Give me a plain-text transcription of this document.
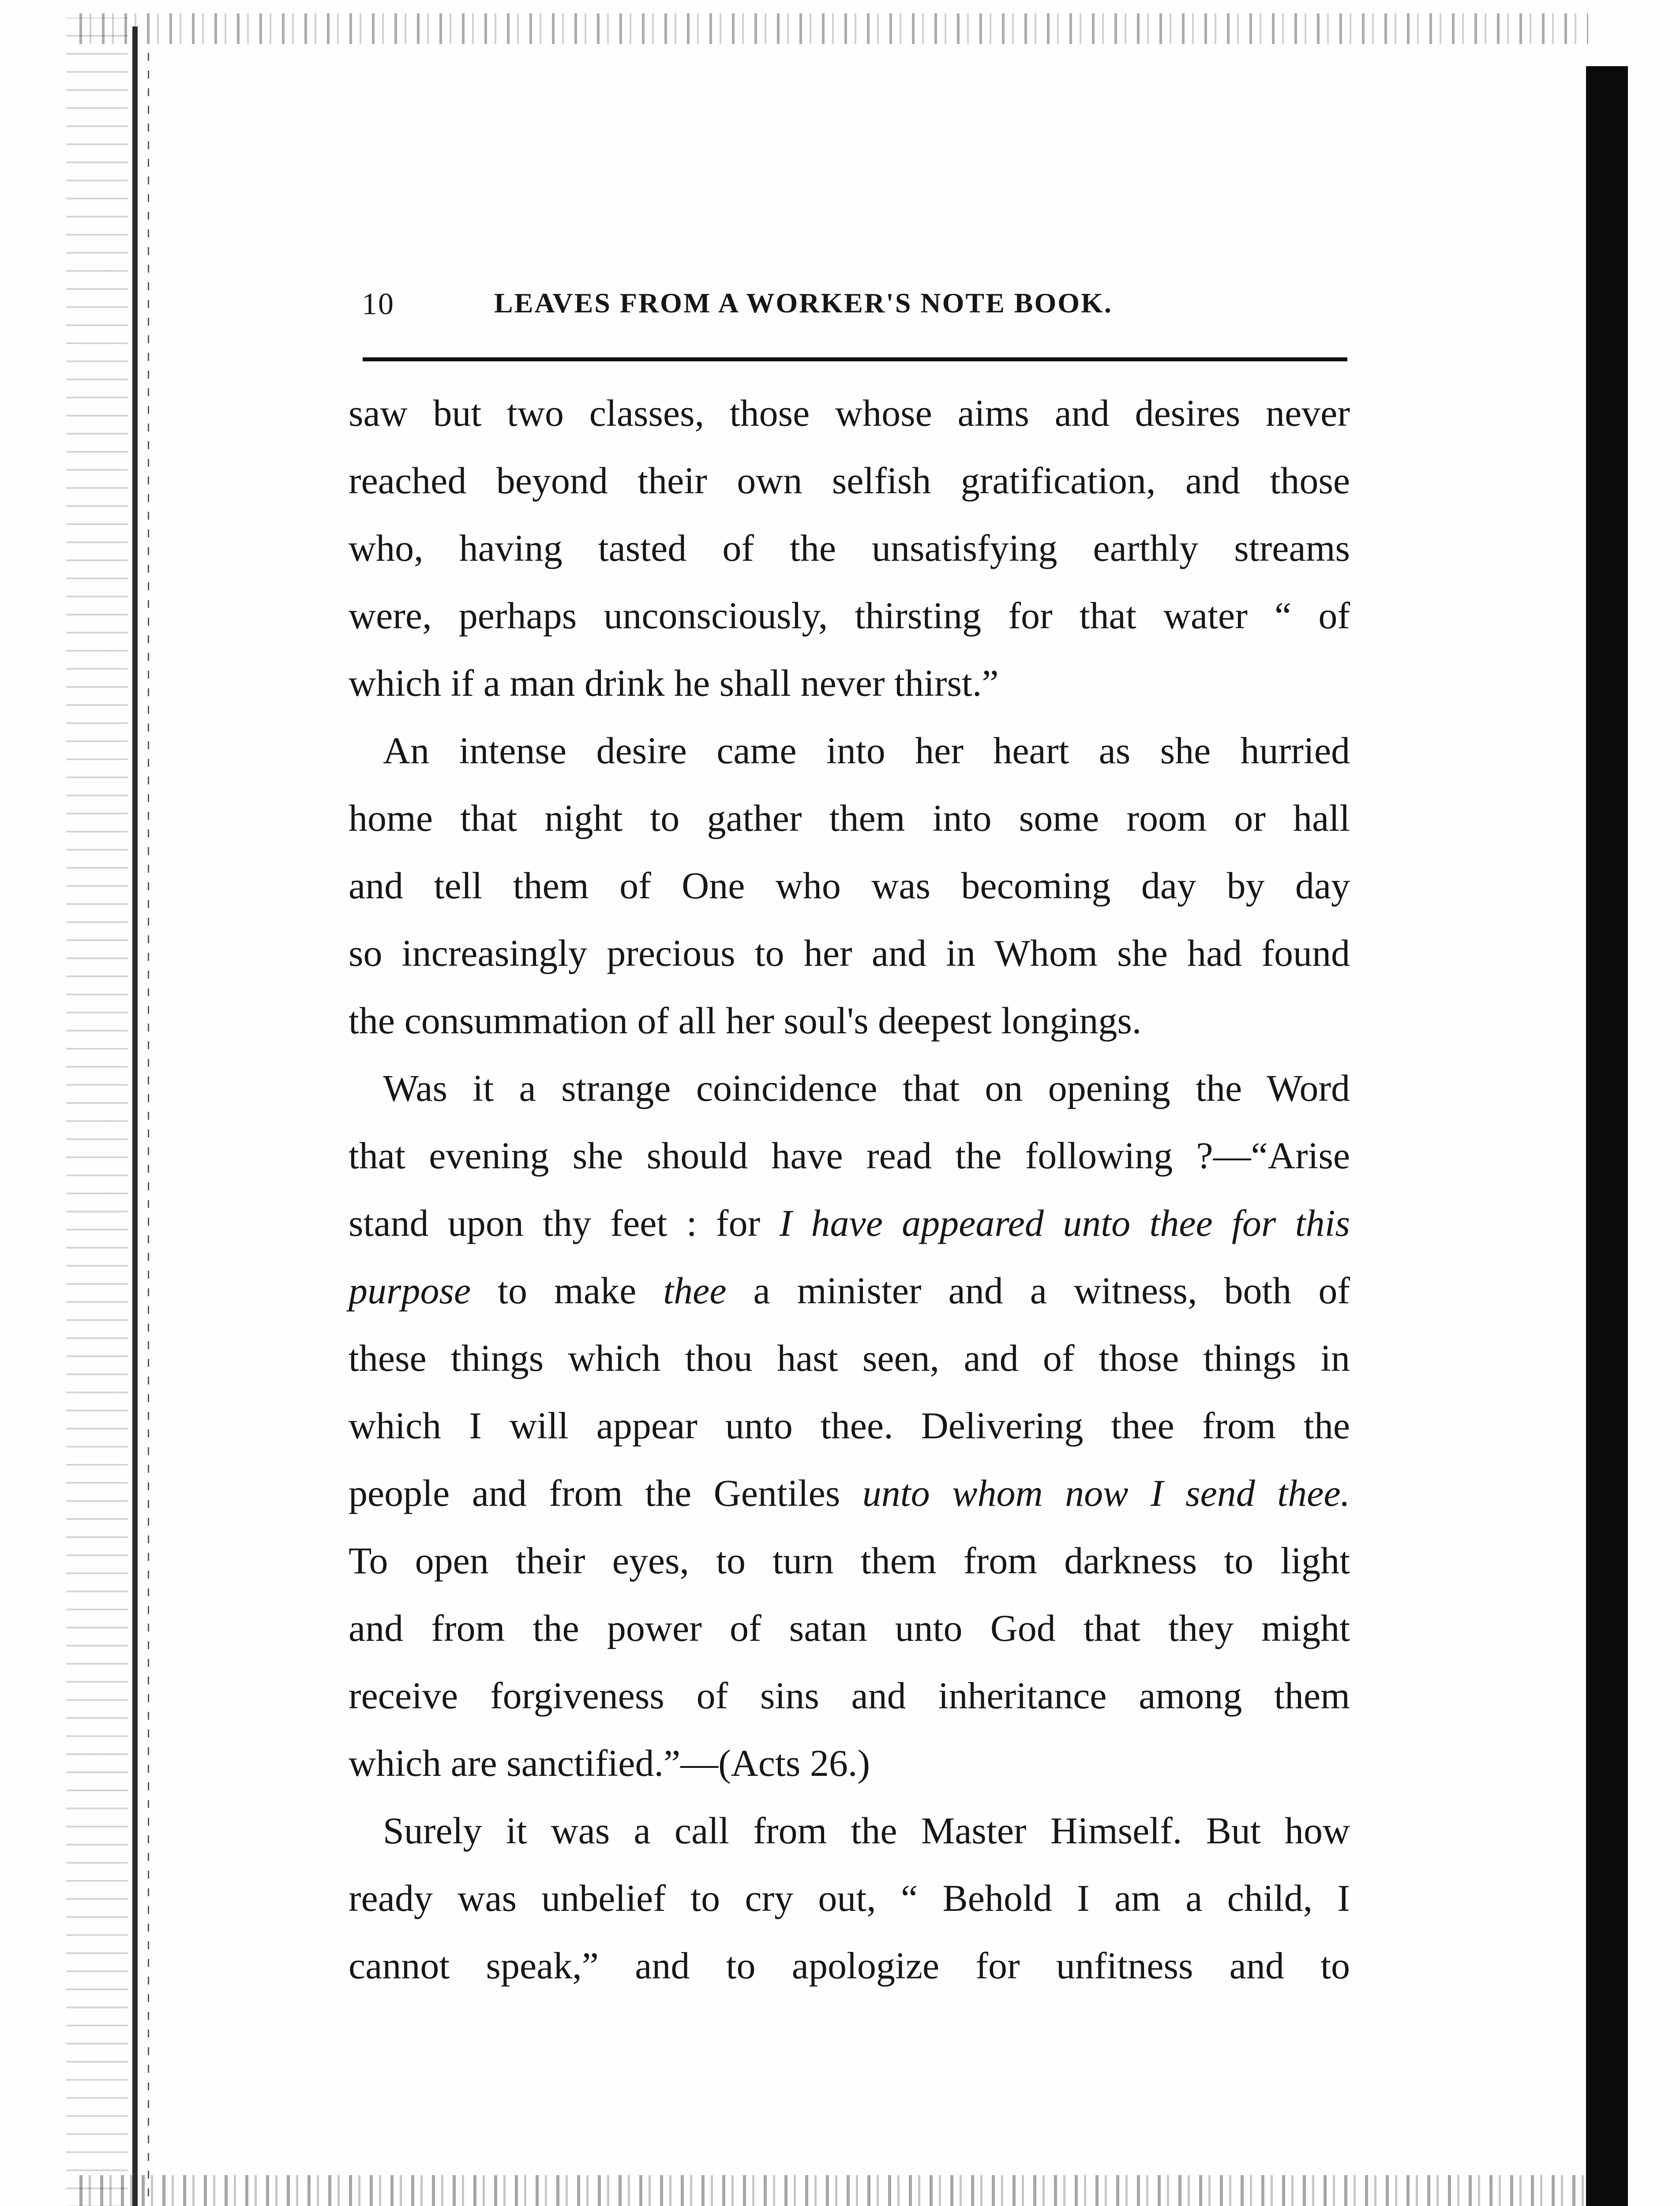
10	LEAVES FROM A WORKER'S NOTE BOOK.
saw but two classes, those whose aims and desires never
reached beyond their own selfish gratification, and those
who, having tasted of the unsatisfying earthly streams
were, perhaps unconsciously, thirsting for that water “ of
which if a man drink he shall never thirst.”
An intense desire came into her heart as she hurried
home that night to gather them into some room or hall
and tell them of One who was becoming day by day
so increasingly precious to her and in Whom she had found
the consummation of all her soul's deepest longings.
Was it a strange coincidence that on opening the Word
that evening she should have read the following ?—“Arise
stand upon thy feet : for I have appeared unto thee for this
purpose to make thee a minister and a witness, both of
these things which thou hast seen, and of those things in
which I will appear unto thee. Delivering thee from the
people and from the Gentiles unto whom now I send thee.
To open their eyes, to turn them from darkness to light
and from the power of satan unto God that they might
receive forgiveness of sins and inheritance among them
which are sanctified.”—(Acts 26.)
Surely it was a call from the Master Himself. But how
ready was unbelief to cry out, “ Behold I am a child, I
cannot speak,” and to apologize for unfitness and to
